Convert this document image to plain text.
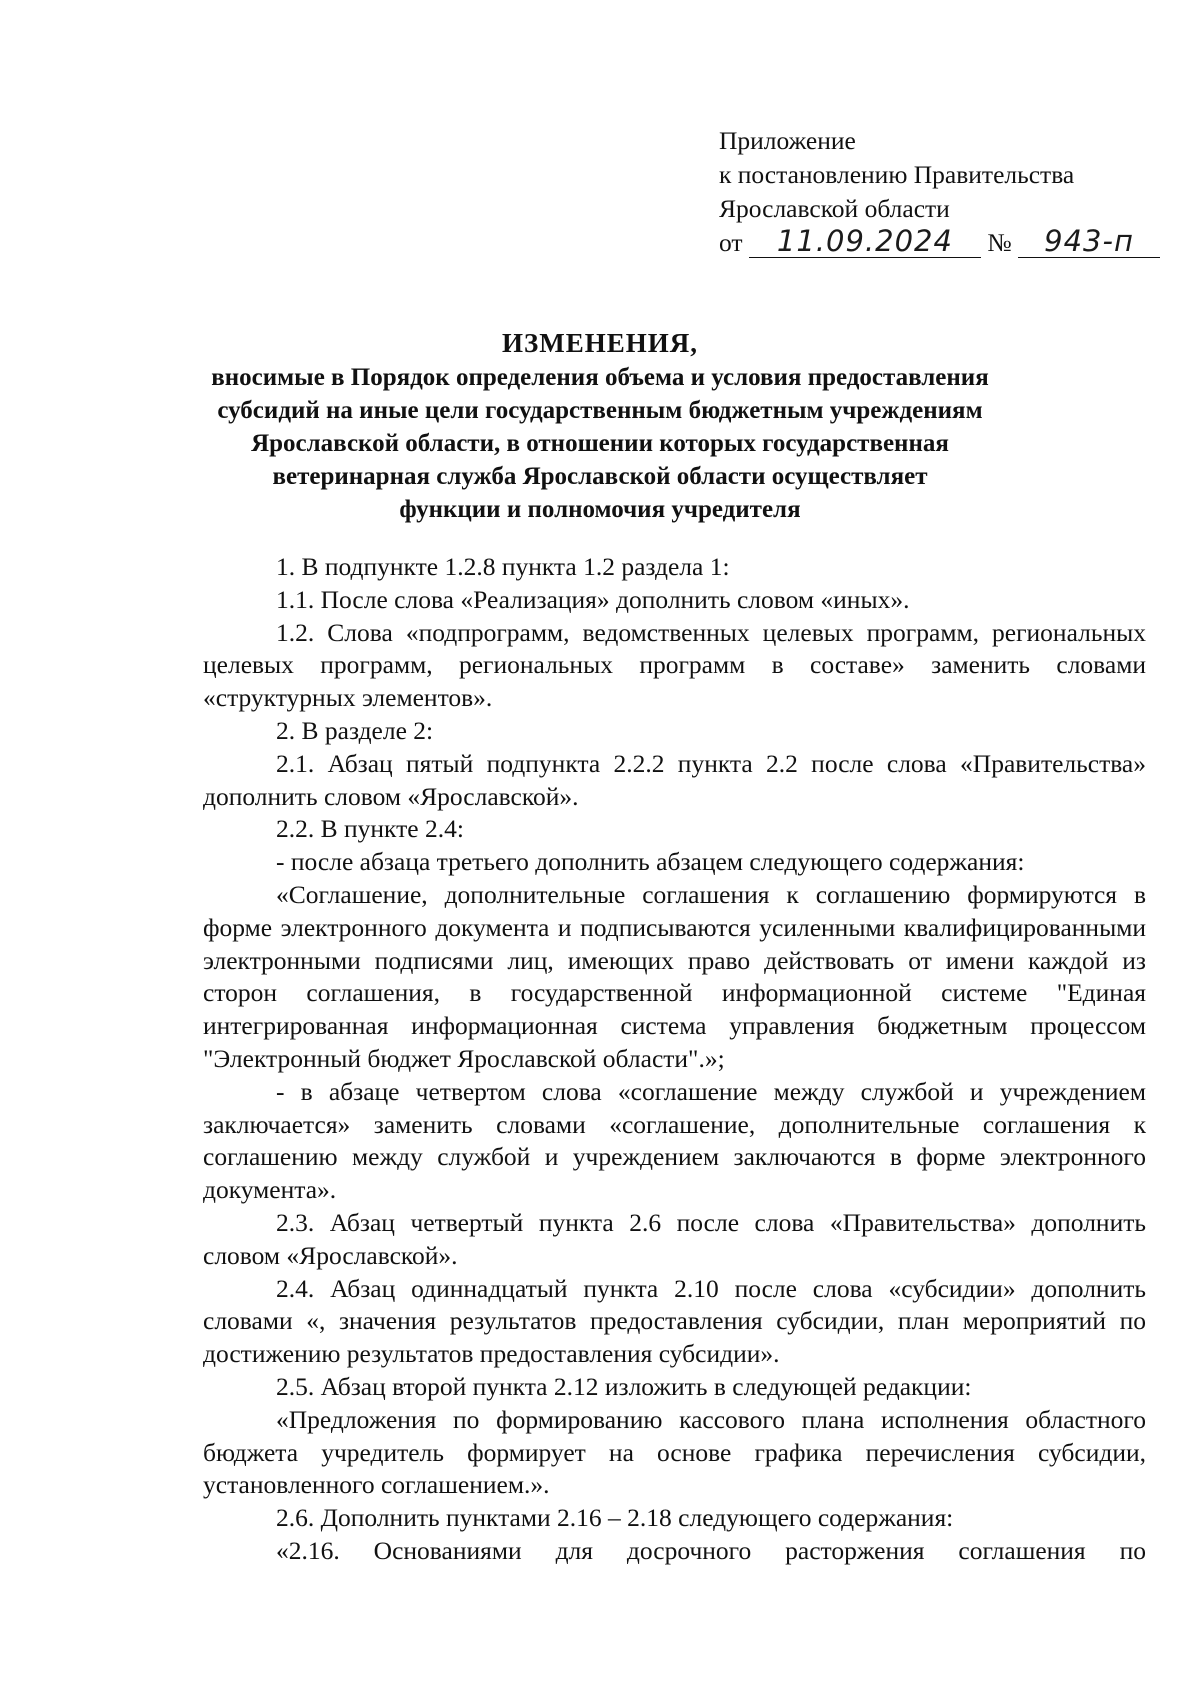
Приложение
к постановлению Правительства
Ярославской области
от 11.09.2024 № 943-п
ИЗМЕНЕНИЯ,
вносимые в Порядок определения объема и условия предоставления
субсидий на иные цели государственным бюджетным учреждениям
Ярославской области, в отношении которых государственная
ветеринарная служба Ярославской области осуществляет
функции и полномочия учредителя

1. В подпункте 1.2.8 пункта 1.2 раздела 1:

1.1. После слова «Реализация» дополнить словом «иных».

1.2. Слова «подпрограмм, ведомственных целевых программ, региональных целевых программ, региональных программ в составе» заменить словами «структурных элементов».

2. В разделе 2:

2.1. Абзац пятый подпункта 2.2.2 пункта 2.2 после слова «Правительства» дополнить словом «Ярославской».

2.2. В пункте 2.4:

- после абзаца третьего дополнить абзацем следующего содержания:

«Соглашение, дополнительные соглашения к соглашению формируются в форме электронного документа и подписываются усиленными квалифицированными электронными подписями лиц, имеющих право действовать от имени каждой из сторон соглашения, в государственной информационной системе "Единая интегрированная информационная система управления бюджетным процессом "Электронный бюджет Ярославской области".»;

- в абзаце четвертом слова «соглашение между службой и учреждением заключается» заменить словами «соглашение, дополнительные соглашения к соглашению между службой и учреждением заключаются в форме электронного документа».

2.3. Абзац четвертый пункта 2.6 после слова «Правительства» дополнить словом «Ярославской».

2.4. Абзац одиннадцатый пункта 2.10 после слова «субсидии» дополнить словами «, значения результатов предоставления субсидии, план мероприятий по достижению результатов предоставления субсидии».

2.5. Абзац второй пункта 2.12 изложить в следующей редакции:

«Предложения по формированию кассового плана исполнения областного бюджета учредитель формирует на основе графика перечисления субсидии, установленного соглашением.».

2.6. Дополнить пунктами 2.16 – 2.18 следующего содержания:

«2.16. Основаниями для досрочного расторжения соглашения по
